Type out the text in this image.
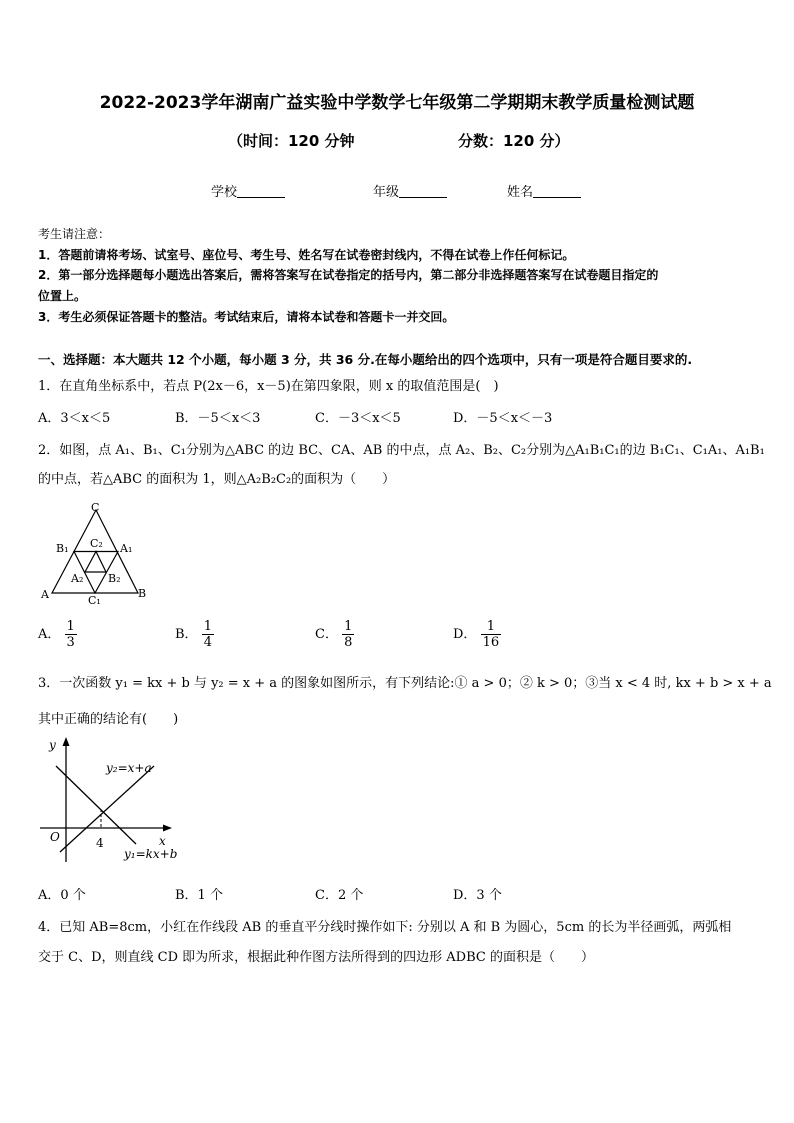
2022-2023学年湖南广益实验中学数学七年级第二学期期末教学质量检测试题
（时间：120 分钟	分数：120 分）
学校	年级	姓名
考生请注意：
1．答题前请将考场、试室号、座位号、考生号、姓名写在试卷密封线内，不得在试卷上作任何标记。
2．第一部分选择题每小题选出答案后，需将答案写在试卷指定的括号内，第二部分非选择题答案写在试卷题目指定的
位置上。
3．考生必须保证答题卡的整洁。考试结束后，请将本试卷和答题卡一并交回。
一、选择题：本大题共 12 个小题，每小题 3 分，共 36 分.在每小题给出的四个选项中，只有一项是符合题目要求的.
1．在直角坐标系中，若点 P(2x－6，x－5)在第四象限，则 x 的取值范围是(　)
A．3＜x＜5	B．－5＜x＜3	C．－3＜x＜5	D．－5＜x＜－3
2．如图，点 A₁、B₁、C₁分别为△ABC 的边 BC、CA、AB 的中点，点 A₂、B₂、C₂分别为△A₁B₁C₁的边 B₁C₁、C₁A₁、A₁B₁
的中点，若△ABC 的面积为 1，则△A₂B₂C₂的面积为（　　）
C
B₁ C₂ A₁
A₂ B₂
A	C₁
B
A． $\frac{1}{3}$	B． $\frac{1}{4}$	C． $\frac{1}{8}$	D． $\frac{1}{16}$
3．一次函数 y₁ = kx + b 与 y₂ = x + a 的图象如图所示，有下列结论:① a > 0；② k > 0；③当 x < 4 时, kx + b > x + a
其中正确的结论有(　　)
y
x
O	4
y₂=x+a
y₁=kx+b
A．0 个	B．1 个	C．2 个	D．3 个
4．已知 AB=8cm，小红在作线段 AB 的垂直平分线时操作如下: 分别以 A 和 B 为圆心，5cm 的长为半径画弧，两弧相
交于 C、D，则直线 CD 即为所求，根据此种作图方法所得到的四边形 ADBC 的面积是（　　）
